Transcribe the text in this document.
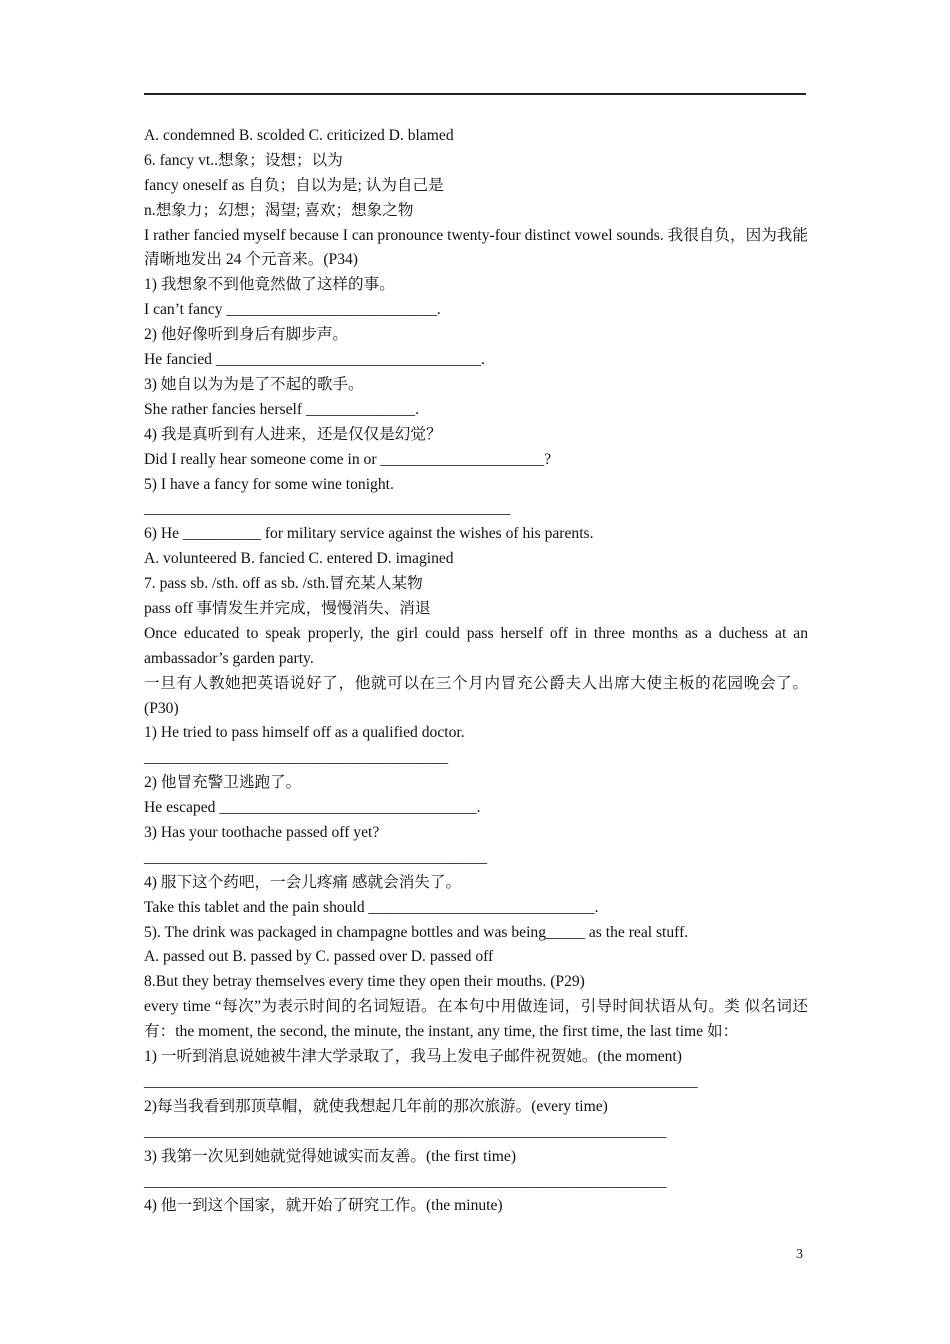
A. condemned B. scolded C. criticized D. blamed
6. fancy vt..想象；设想；以为
fancy oneself as 自负；自以为是; 认为自己是
n.想象力；幻想；渴望; 喜欢；想象之物
I rather fancied myself because I can pronounce twenty-four distinct vowel sounds. 我很自负，因为我能清晰地发出 24 个元音来。(P34)
1) 我想象不到他竟然做了这样的事。
I can’t fancy ___________________________.
2) 他好像听到身后有脚步声。
He fancied __________________________________.
3) 她自以为为是了不起的歌手。
She rather fancies herself ______________.
4) 我是真听到有人进来，还是仅仅是幻觉？
Did I really hear someone come in or _____________________?
5) I have a fancy for some wine tonight.
_______________________________________________
6) He __________ for military service against the wishes of his parents.
A. volunteered B. fancied C. entered D. imagined
7. pass sb. /sth. off as sb. /sth.冒充某人某物
pass off 事情发生并完成，慢慢消失、消退
Once educated to speak properly, the girl could pass herself off in three months as a duchess at an ambassador’s garden party.
一旦有人教她把英语说好了，他就可以在三个月内冒充公爵夫人出席大使主板的花园晚会了。(P30)
1) He tried to pass himself off as a qualified doctor.
_______________________________________
2) 他冒充警卫逃跑了。
He escaped _________________________________.
3) Has your toothache passed off yet?
____________________________________________
4) 服下这个药吧，一会儿疼痛 感就会消失了。
Take this tablet and the pain should _____________________________.
5). The drink was packaged in champagne bottles and was being_____ as the real stuff.
A. passed out B. passed by C. passed over D. passed off
8.But they betray themselves every time they open their mouths. (P29)
every time “每次”为表示时间的名词短语。在本句中用做连词，引导时间状语从句。类 似名词还有：the moment, the second, the minute, the instant, any time, the first time, the last time 如：
1) 一听到消息说她被牛津大学录取了，我马上发电子邮件祝贺她。(the moment)
_______________________________________________________________________
2)每当我看到那顶草帽，就使我想起几年前的那次旅游。(every time)
___________________________________________________________________
3) 我第一次见到她就觉得她诚实而友善。(the first time)
___________________________________________________________________
4) 他一到这个国家，就开始了研究工作。(the minute)
3
